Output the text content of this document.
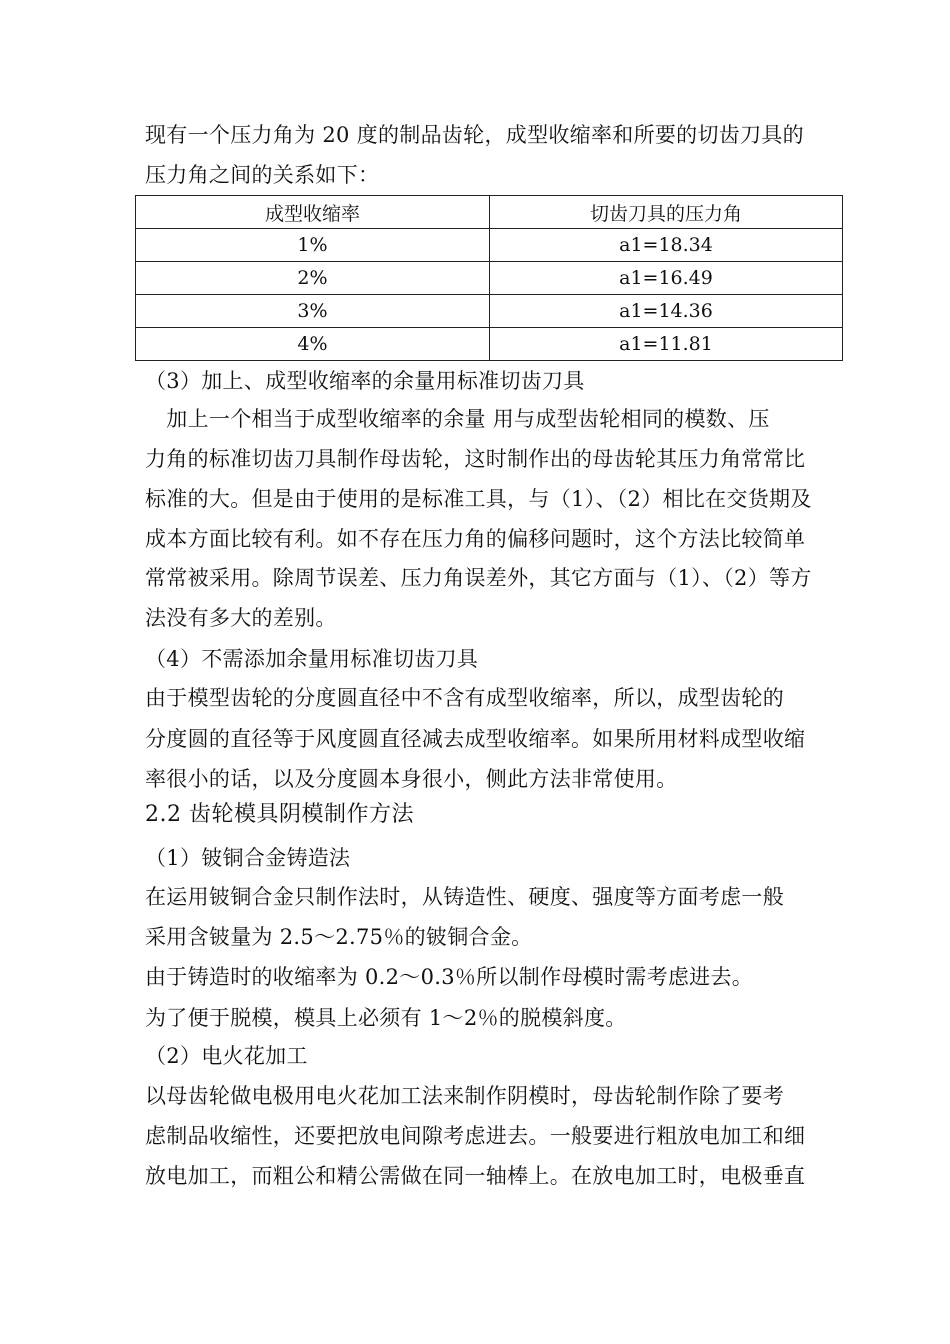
现有一个压力角为 20 度的制品齿轮，成型收缩率和所要的切齿刀具的
压力角之间的关系如下：
成型收缩率	切齿刀具的压力角
1%	a1=18.34
2%	a1=16.49
3%	a1=14.36
4%	a1=11.81
（3）加上、成型收缩率的余量用标准切齿刀具
　加上一个相当于成型收缩率的余量 用与成型齿轮相同的模数、压
力角的标准切齿刀具制作母齿轮，这时制作出的母齿轮其压力角常常比
标准的大。但是由于使用的是标准工具，与（1）、（2）相比在交货期及
成本方面比较有利。如不存在压力角的偏移问题时，这个方法比较简单
常常被采用。除周节误差、压力角误差外，其它方面与（1）、（2）等方
法没有多大的差别。
（4）不需添加余量用标准切齿刀具
由于模型齿轮的分度圆直径中不含有成型收缩率，所以，成型齿轮的
分度圆的直径等于风度圆直径减去成型收缩率。如果所用材料成型收缩
率很小的话，以及分度圆本身很小，侧此方法非常使用。
2.2 齿轮模具阴模制作方法
（1）铍铜合金铸造法
在运用铍铜合金只制作法时，从铸造性、硬度、强度等方面考虑一般
采用含铍量为 2.5～2.75％的铍铜合金。
由于铸造时的收缩率为 0.2～0.3％所以制作母模时需考虑进去。
为了便于脱模，模具上必须有 1～2％的脱模斜度。
（2）电火花加工
以母齿轮做电极用电火花加工法来制作阴模时，母齿轮制作除了要考
虑制品收缩性，还要把放电间隙考虑进去。一般要进行粗放电加工和细
放电加工，而粗公和精公需做在同一轴棒上。在放电加工时，电极垂直
